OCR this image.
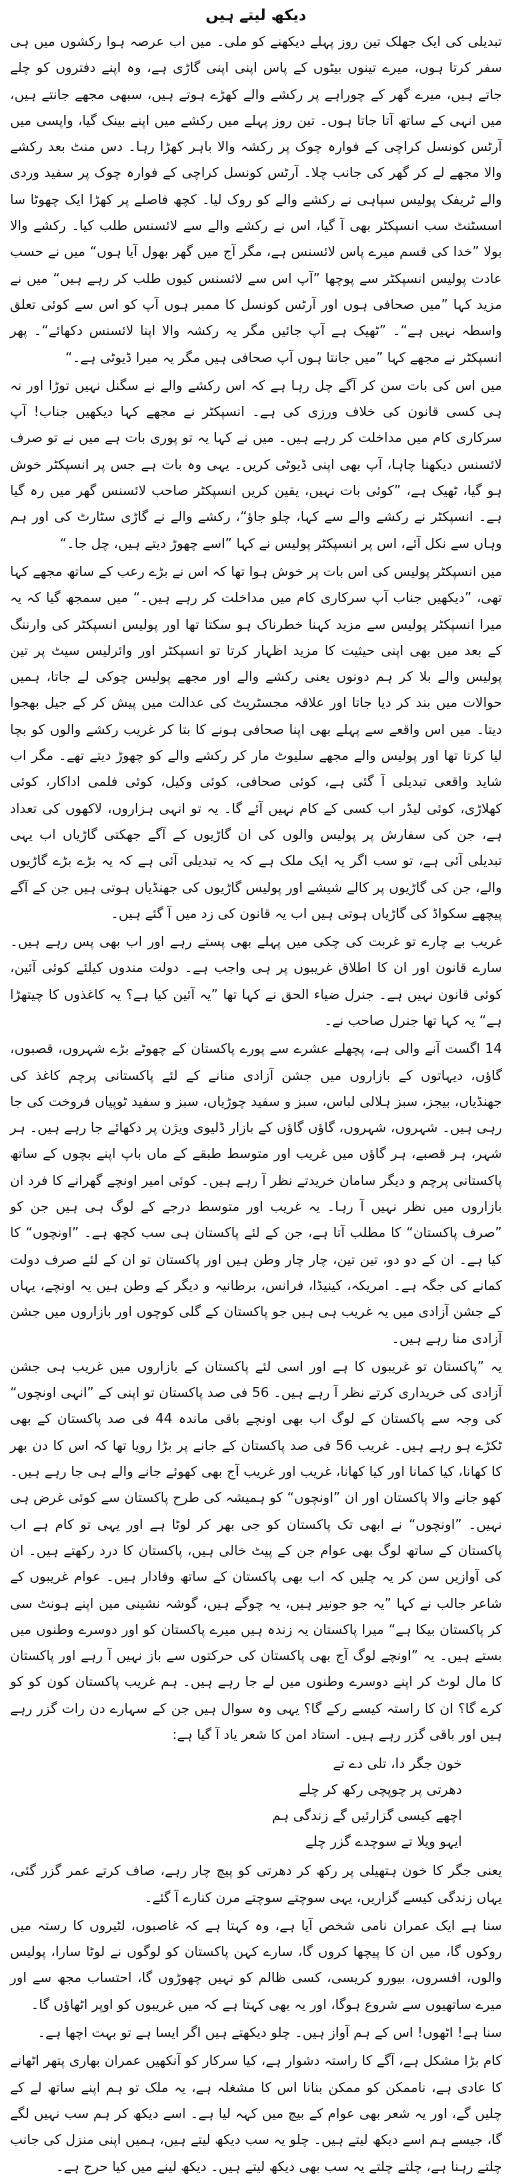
دیکھ لیتے ہیں

تبدیلی کی ایک جھلک تین روز پہلے دیکھنے کو ملی۔ میں اب عرصہ ہوا رکشوں میں ہی سفر کرتا ہوں، میرے تینوں بیٹوں کے پاس اپنی اپنی گاڑی ہے، وہ اپنے دفتروں کو چلے جاتے ہیں، میرے گھر کے چوراہے پر رکشے والے کھڑے ہوتے ہیں، سبھی مجھے جانتے ہیں، میں انہی کے ساتھ آتا جاتا ہوں۔ تین روز پہلے میں رکشے میں اپنے بینک گیا، واپسی میں آرٹس کونسل کراچی کے فوارہ چوک پر رکشہ والا باہر کھڑا رہا۔ دس منٹ بعد رکشے والا مجھے لے کر گھر کی جانب چلا۔ آرٹس کونسل کراچی کے فوارہ چوک پر سفید وردی والے ٹریفک پولیس سپاہی نے رکشے والے کو روک لیا۔ کچھ فاصلے پر کھڑا ایک چھوٹا سا اسسٹنٹ سب انسپکٹر بھی آ گیا، اس نے رکشے والے سے لائسنس طلب کیا۔ رکشے والا بولا ”خدا کی قسم میرے پاس لائسنس ہے، مگر آج میں گھر بھول آیا ہوں“ میں نے حسب عادت پولیس انسپکٹر سے پوچھا ”آپ اس سے لائسنس کیوں طلب کر رہے ہیں“ میں نے مزید کہا ”میں صحافی ہوں اور آرٹس کونسل کا ممبر ہوں آپ کو اس سے کوئی تعلق واسطہ نہیں ہے“۔ ”ٹھیک ہے آپ جائیں مگر یہ رکشہ والا اپنا لائسنس دکھائے“۔ پھر انسپکٹر نے مجھے کہا ”میں جانتا ہوں آپ صحافی ہیں مگر یہ میرا ڈیوٹی ہے۔“

میں اس کی بات سن کر آگے چل رہا ہے کہ اس رکشے والے نے سگنل نہیں توڑا اور نہ ہی کسی قانون کی خلاف ورزی کی ہے۔ انسپکٹر نے مجھے کہا دیکھیں جناب! آپ سرکاری کام میں مداخلت کر رہے ہیں۔ میں نے کہا یہ تو پوری بات ہے میں نے تو صرف لائسنس دیکھنا چاہا، آپ بھی اپنی ڈیوٹی کریں۔ یہی وہ بات ہے جس پر انسپکٹر خوش ہو گیا، ٹھیک ہے، ”کوئی بات نہیں، یقین کریں انسپکٹر صاحب لائسنس گھر میں رہ گیا ہے۔ انسپکٹر نے رکشے والے سے کہا، چلو جاؤ“، رکشے والے نے گاڑی سٹارٹ کی اور ہم وہاں سے نکل آئے، اس پر انسپکٹر پولیس نے کہا ”اسے چھوڑ دیتے ہیں، چل جا۔“

میں انسپکٹر پولیس کی اس بات پر خوش ہوا تھا کہ اس نے بڑے رعب کے ساتھ مجھے کہا تھی، ”دیکھیں جناب آپ سرکاری کام میں مداخلت کر رہے ہیں۔“ میں سمجھ گیا کہ یہ میرا انسپکٹر پولیس سے مزید کہنا خطرناک ہو سکتا تھا اور پولیس انسپکٹر کی وارننگ کے بعد میں بھی اپنی حیثیت کا مزید اظہار کرتا تو انسپکٹر اور وائرلیس سیٹ پر تین پولیس والے بلا کر ہم دونوں یعنی رکشے والے اور مجھے پولیس چوکی لے جاتا، ہمیں حوالات میں بند کر دیا جاتا اور علاقہ مجسٹریٹ کی عدالت میں پیش کر کے جیل بھجوا دیتا۔ میں اس واقعے سے پہلے بھی اپنا صحافی ہونے کا بتا کر غریب رکشے والوں کو بچا لیا کرتا تھا اور پولیس والے مجھے سلیوٹ مار کر رکشے والے کو چھوڑ دیتے تھے۔ مگر اب شاید واقعی تبدیلی آ گئی ہے، کوئی صحافی، کوئی وکیل، کوئی فلمی اداکار، کوئی کھلاڑی، کوئی لیڈر اب کسی کے کام نہیں آئے گا۔ یہ تو انہی ہزاروں، لاکھوں کی تعداد ہے، جن کی سفارش پر پولیس والوں کی ان گاڑیوں کے آگے جھکتی گاڑیاں اب یہی تبدیلی آئی ہے، تو سب اگر یہ ایک ملک ہے کہ یہ تبدیلی آئی ہے کہ یہ بڑے بڑے گاڑیوں والے، جن کی گاڑیوں پر کالے شیشے اور پولیس گاڑیوں کی جھنڈیاں ہوتی ہیں جن کے آگے پیچھے سکواڈ کی گاڑیاں ہوتی ہیں اب یہ قانون کی زد میں آ گئے ہیں۔

غریب بے چارے تو غربت کی چکی میں پہلے بھی پستے رہے اور اب بھی پس رہے ہیں۔ سارے قانون اور ان کا اطلاق غریبوں پر ہی واجب ہے۔ دولت مندوں کیلئے کوئی آئین، کوئی قانون نہیں ہے۔ جنرل ضیاء الحق نے کہا تھا ”یہ آئین کیا ہے؟ یہ کاغذوں کا چیتھڑا ہے“ یہ کہا تھا جنرل صاحب نے۔

14 اگست آنے والی ہے، پچھلے عشرے سے پورے پاکستان کے چھوٹے بڑے شہروں، قصبوں، گاؤں، دیہاتوں کے بازاروں میں جشن آزادی منانے کے لئے پاکستانی پرچم کاغذ کی جھنڈیاں، بیجز، سبز ہلالی لباس، سبز و سفید چوڑیاں، سبز و سفید ٹوپیاں فروخت کی جا رہی ہیں۔ شہروں، شہروں، گاؤں گاؤں کے بازار ڈلیوی ویژن پر دکھائے جا رہے ہیں۔ ہر شہر، ہر قصبے، ہر گاؤں میں غریب اور متوسط طبقے کے ماں باپ اپنے بچوں کے ساتھ پاکستانی پرچم و دیگر سامان خریدتے نظر آ رہے ہیں۔ کوئی امیر اونچے گھرانے کا فرد ان بازاروں میں نظر نہیں آ رہا۔ یہ غریب اور متوسط درجے کے لوگ ہی ہیں جن کو ”صرف پاکستان“ کا مطلب آتا ہے، جن کے لئے پاکستان ہی سب کچھ ہے۔ ”اونچوں“ کا کیا ہے۔ ان کے دو دو، تین تین، چار چار وطن ہیں اور پاکستان تو ان کے لئے صرف دولت کمانے کی جگہ ہے۔ امریکہ، کینیڈا، فرانس، برطانیہ و دیگر کے وطن ہیں یہ اونچے، یہاں کے جشن آزادی میں یہ غریب ہی ہیں جو پاکستان کے گلی کوچوں اور بازاروں میں جشن آزادی منا رہے ہیں۔

یہ ”پاکستان تو غریبوں کا ہے اور اسی لئے پاکستان کے بازاروں میں غریب ہی جشن آزادی کی خریداری کرتے نظر آ رہے ہیں۔ 56 فی صد پاکستان تو اپنی کے ”انہی اونچوں“ کی وجہ سے پاکستان کے لوگ اب بھی اونچے باقی ماندہ 44 فی صد پاکستان کے بھی ٹکڑے ہو رہے ہیں۔ غریب 56 فی صد پاکستان کے جانے پر بڑا رویا تھا کہ اس کا دن بھر کا کھانا، کیا کمانا اور کیا کھانا، غریب اور غریب آج بھی کھوئے جانے والے ہی جا رہے ہیں۔ کھو جانے والا پاکستان اور ان ”اونچوں“ کو ہمیشہ کی طرح پاکستان سے کوئی غرض ہی نہیں۔ ”اونچوں“ نے ابھی تک پاکستان کو جی بھر کر لوٹا ہے اور یہی تو کام ہے اب پاکستان کے ساتھ لوگ بھی عوام جن کے پیٹ خالی ہیں، پاکستان کا درد رکھتے ہیں۔ ان کی آوازیں سن کر یہ چلیں کہ اب بھی پاکستان کے ساتھ وفادار ہیں۔ عوام غریبوں کے شاعر جالب نے کہا ”یہ جو جونیر ہیں، یہ چوگے ہیں، گوشہ نشینی میں اپنے ہونٹ سی کر پاکستان بیکا ہے“ میرا پاکستان یہ زندہ ہیں میرے پاکستان کو اور دوسرے وطنوں میں بستے ہیں۔ یہ ”اونچے لوگ آج بھی پاکستان کی حرکتوں سے باز نہیں آ رہے اور پاکستان کا مال لوٹ کر اپنے دوسرے وطنوں میں لے جا رہے ہیں۔ ہم غریب پاکستان کون کو کو کرے گا؟ ان کا راستہ کیسے رکے گا؟ یہی وہ سوال ہیں جن کے سہارے دن رات گزر رہے ہیں اور باقی گزر رہے ہیں۔ استاد امن کا شعر یاد آ گیا ہے:

خون جگر دا، تلی دے تے
دھرتی پر چوپچی رکھ کر چلے
اچھے کیسی گزارئیں گے زندگی ہم
ایہو ویلا تے سوچدے گزر چلے

یعنی جگر کا خون ہتھیلی پر رکھ کر دھرتی کو پیچ چار رہے، صاف کرتے عمر گزر گئی، یہاں زندگی کیسے گزاریں، یہی سوچتے سوچتے مرن کنارے آ گئے۔

سنا ہے ایک عمران نامی شخص آیا ہے، وہ کہتا ہے کہ غاصبوں، لٹیروں کا رستہ میں روکوں گا، میں ان کا پیچھا کروں گا، سارے کہن پاکستان کو لوگوں نے لوٹا سارا، پولیس والوں، افسروں، بیورو کریسی، کسی ظالم کو نہیں چھوڑوں گا، احتساب مجھ سے اور میرے ساتھیوں سے شروع ہوگا، اور یہ بھی کہتا ہے کہ میں غریبوں کو اوپر اٹھاؤں گا۔

سنا ہے! اٹھوں! اس کے ہم آواز ہیں۔ چلو دیکھتے ہیں اگر ایسا ہے تو بہت اچھا ہے۔

کام بڑا مشکل ہے، آگے کا راستہ دشوار ہے، کیا سرکار کو آنکھیں عمران بھاری پتھر اٹھانے کا عادی ہے، ناممکن کو ممکن بنانا اس کا مشغلہ ہے، یہ ملک تو ہم اپنے ساتھ لے کے چلیں گے، اور یہ شعر بھی عوام کے بیچ میں کہہ لیا ہے۔ اسے دیکھ کر ہم سب نہیں لگے گا، جیسے ہم اسے دیکھ لیتے ہیں۔ چلو یہ سب دیکھ لیتے ہیں، ہمیں اپنی منزل کی جانب چلتے رہنا ہے، چلتے چلتے یہ سب بھی دیکھ لیتے ہیں۔ دیکھ لینے میں کیا حرج ہے۔
